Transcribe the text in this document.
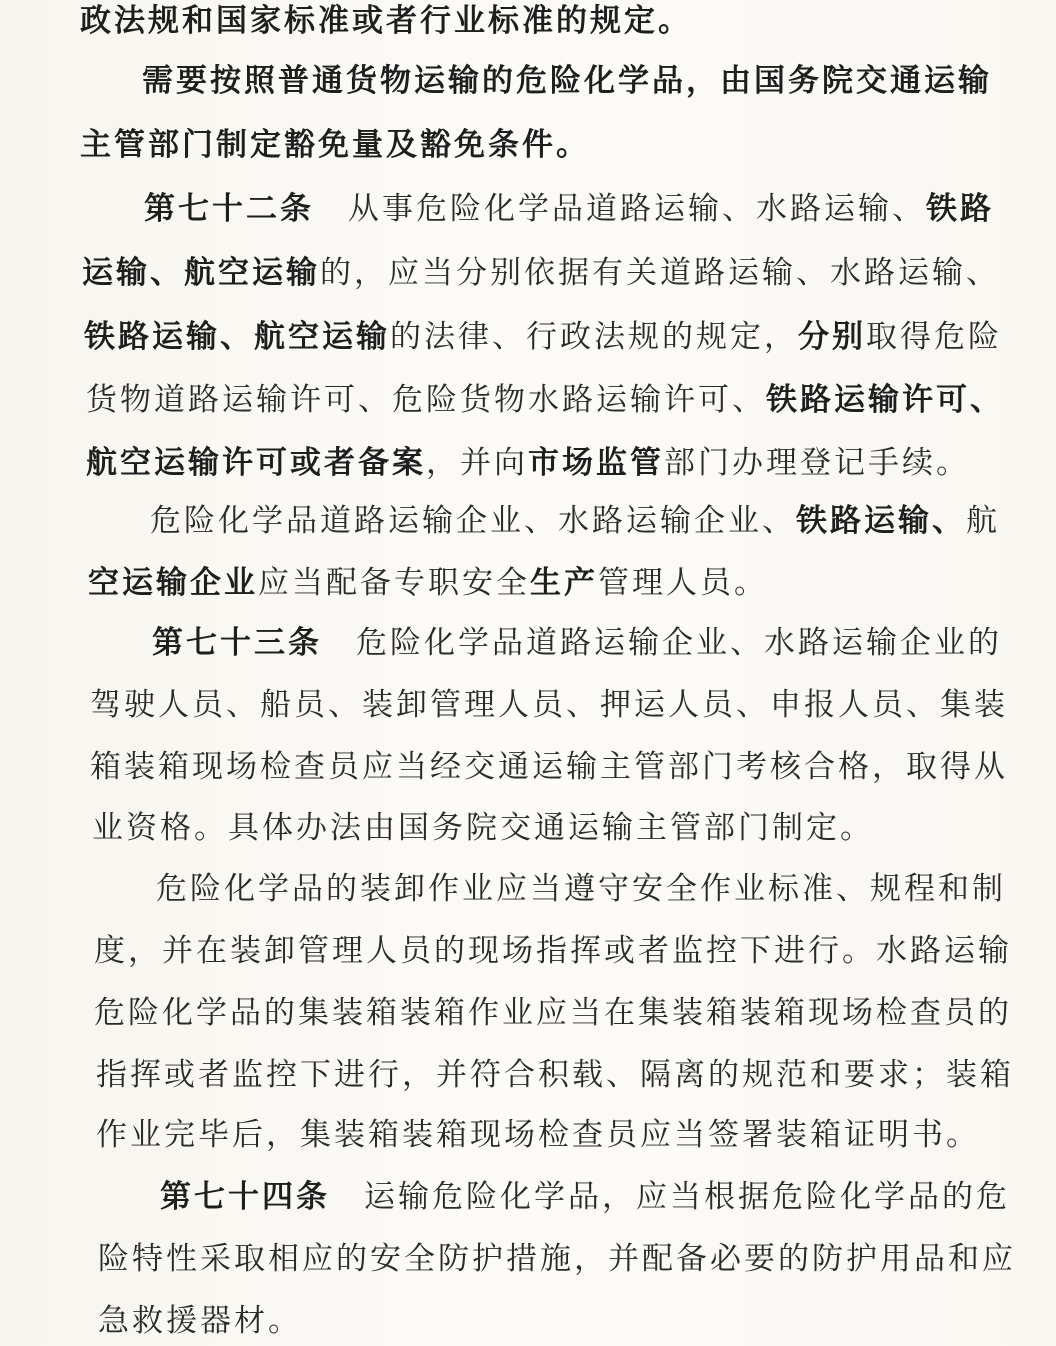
政法规和国家标准或者行业标准的规定。
需要按照普通货物运输的危险化学品，由国务院交通运输
主管部门制定豁免量及豁免条件。
第七十二条 从事危险化学品道路运输、水路运输、铁路
运输、航空运输的，应当分别依据有关道路运输、水路运输、
铁路运输、航空运输的法律、行政法规的规定，分别取得危险
货物道路运输许可、危险货物水路运输许可、铁路运输许可、
航空运输许可或者备案，并向市场监管部门办理登记手续。
危险化学品道路运输企业、水路运输企业、铁路运输、航
空运输企业应当配备专职安全生产管理人员。
第七十三条 危险化学品道路运输企业、水路运输企业的
驾驶人员、船员、装卸管理人员、押运人员、申报人员、集装
箱装箱现场检查员应当经交通运输主管部门考核合格，取得从
业资格。具体办法由国务院交通运输主管部门制定。
危险化学品的装卸作业应当遵守安全作业标准、规程和制
度，并在装卸管理人员的现场指挥或者监控下进行。水路运输
危险化学品的集装箱装箱作业应当在集装箱装箱现场检查员的
指挥或者监控下进行，并符合积载、隔离的规范和要求；装箱
作业完毕后，集装箱装箱现场检查员应当签署装箱证明书。
第七十四条 运输危险化学品，应当根据危险化学品的危
险特性采取相应的安全防护措施，并配备必要的防护用品和应
急救援器材。
